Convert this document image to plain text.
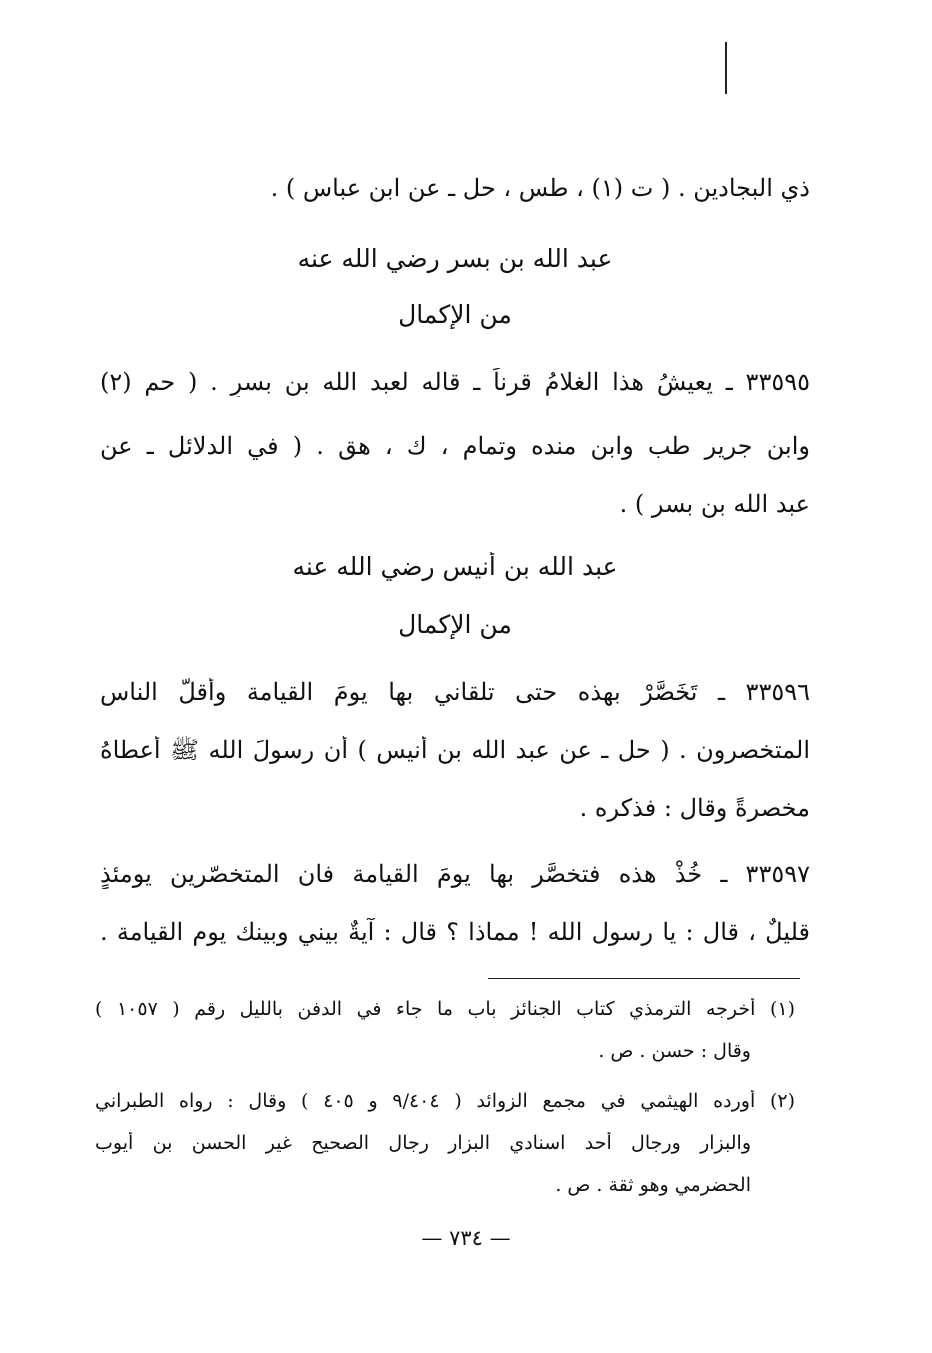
ذي البجادين . ( ت (١) ، طس ، حل ـ عن ابن عباس ) .
عبد الله بن بسر رضي الله عنه
من الإكمال
٣٣٥٩٥ ـ يعيشُ هذا الغلامُ قرناً ـ قاله لعبد الله بن بسرٍ . ( حم (٢)
وابن جرير طب وابن منده وتمام ، ك ، هق . ( في الدلائل ـ عن
عبد الله بن بسر ) .
عبد الله بن أنيس رضي الله عنه
من الإكمال
٣٣٥٩٦ ـ تَخَصَّرْ بهذه حتى تلقاني بها يومَ القيامة وأقلُّ الناس
المتخصرون . ( حل ـ عن عبد الله بن أنيس ) أن رسولَ الله ﷺ أعطاهُ
مخصرةً وقال : فذكره .
٣٣٥٩٧ ـ خُذْ هذه فتخصَّر بها يومَ القيامة فان المتخصّرين يومئذٍ
قليلٌ ، قال : يا رسول الله ! مماذا ؟ قال : آيةٌ بيني وبينك يوم القيامة .
(١) أخرجه الترمذي كتاب الجنائز باب ما جاء في الدفن بالليل رقم ( ١٠٥٧ )
وقال : حسن . ص .
(٢) أورده الهيثمي في مجمع الزوائد ( ٩/٤٠٤ و ٤٠٥ ) وقال : رواه الطبراني
والبزار ورجال أحد اسنادي البزار رجال الصحيح غير الحسن بن أيوب
الحضرمي وهو ثقة . ص .
— ٧٣٤ —
